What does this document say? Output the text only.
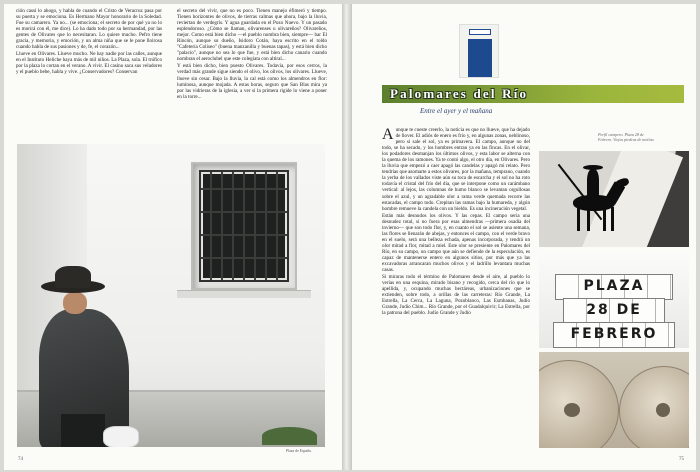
ción cassi lo ahogo, y habla de cuando el Cristo de Veracruz pasa por su puerta y se emociona. Es Hermano Mayor honorario de la Soledad. Fue su camarero. Ya no... (se emociona; el secreto de por qué ya no lo es morirá con él, me dice). Lo ha dado todo por su hermandad, por las gentes de Olivares que lo necesitaran. Lo quiere mucho. Pefro tiene gracia, y memoria, y emoción, y un alma niña que se le pone lloirosa cuando habla de sus pasiones y de, fe, el corazón...

Llueve en Olivares. Llueve mucho. Ne hay nadie por las calles, aunque en el Instituto Heliche haya más de mil niños. La Plaza, sola. El trúfico por la plaza lo cortan en el verano. A vivir. El casino saca sus veladores y el pueblo bebe, habla y vive. ¿Conservadores? Conservan

el secreto del vivir, que no es poco. Tienen manejo éfimeró y tiempo. Tienen horizontes de olivos, de tierras calmas que ahora, bajo la lluvia, reviertan de verdegrís. Y agua guardada en el Pozo Nuevo. Y un pasado esplendoroso. ¿Cómo se llaman, olivarenses u olivareños? Olivareños, mejor. Como está bien dicho —el pueblo nombra bien, siempre— bar El Rincón, aunque su dueño, Isidoro Cotán, haya escrito en el toldo "Cafetería Coliseo" (buena manzanilla y buenas tapas), y está bien dicho "palacio", aunque no sea lo que fue, y está bien dicho canario cuando nombran el aeroclubel que este colegiata con altiral...

Y está bien dicho, bien puesto Olivares. Todavía, por esos cerros, la verdad más grande sigue siendo el olivo, los olivos, los olivares. Llueve, llueve sin cesar. Bajo la lluvia, la cal está como los almendros en flor: luminosa, aunque mojada. A estas horas, seguro que San Blas mira ya por las vidrieras de la iglesia, a ver si la primera rigide lo viene a poner en la torre...

Plaza de España.
74
Palomares del Río
Entre el ayer y el mañana

Aunque te cueste creerlo, la noticia es que no llueve, que ha dejado de llover. El adiós de enero es frío y, en algunas zonas, neblinoso, pero si sale el sol, ya es primavera. El campo, aunque no del todo, se ha secado, y los hombres entran ya en las fincas. En el olivar, los podadores desmanjan los últimos olivos, y esta labor se alterna con la quema de los ramones. Ya te contó algo, el otro día, en Olivares. Pero la lluvia que empezó a caer apagó las candelas y apagó mi relato. Pero tendrías que asomarte a estos olivares, por la mañana, temprano, cuando la yerba de los vallados viste aún su toca de escarcha y el sol no ha roto todavía el cristal del frío del día, que se interpone como un carámbano vertical: al lejos, las columnas de humo blanco se levantan orgullosas sobre el azul, y un agradable olor a rama verde quemada recorre las estacadas, el campo todo. Crepitan las ramas bajo la humareda, y algún hombre remueve la candela con un bieldo. Es una incineración vegetal.

Están más desnudos los olivos. Y las cepas. El campo seria una desnudez total, si no fuera por esas almendras —primera osadía del invierno— que son todo flor, y, en cuanto el sol se asiente una semana, las flores se llenarán de abejas, y entonces el campo, con el verde bravo en el suelo, será una belleza echada, apenas incorporada, y tendrá un olor mitad a flor, mitad a miel. Este olor se presiente en Palomares del Río, en su campo, un campo que aún se defiende de la especulación, es capaz de mantenerse entero en algunos sitios, por más que ya las excavadoras arrancaran muchos olivos y el ladrillo levantara muchas casas.

Si miraras todo el término de Palomares desde el aire, al pueblo lo verías en una esquina, mirado bisano y recogido, cerca del río que lo apellida, y, ocupando muchas hectáreas, urbanizaciones que se extienden, sobre todo, a orillas de las carreteras: Río Grande, La Estrella, La Cerca, La Laguna, Pozoblanco, Las Esmbanas, Judío Grande, Judio Chim... Río Grande, por el Guadalquivir; La Estrella, por la patrona del pueblo. Judío Grande y Judío

Perfil campero. Plaza 28 de Febrero. Viejas piedras de molino.
PLAZA
28 DE
FEBRERO
75
